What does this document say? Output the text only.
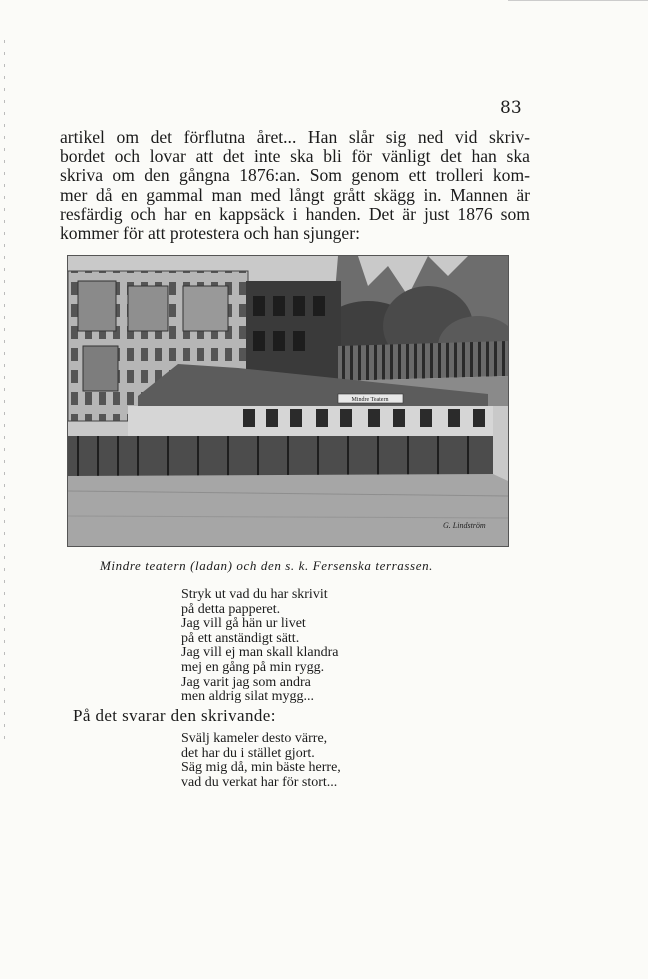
83
artikel om det förflutna året... Han slår sig ned vid skriv-
bordet och lovar att det inte ska bli för vänligt det han ska
skriva om den gångna 1876:an. Som genom ett trolleri kom-
mer då en gammal man med långt grått skägg in. Mannen är
resfärdig och har en kappsäck i handen. Det är just 1876 som
kommer för att protestera och han sjunger:
Mindre Teatern
G. Lindström
Mindre teatern (ladan) och den s. k. Fersenska terrassen.
Stryk ut vad du har skrivit
på detta papperet.
Jag vill gå hän ur livet
på ett anständigt sätt.
Jag vill ej man skall klandra
mej en gång på min rygg.
Jag varit jag som andra
men aldrig silat mygg...
På det svarar den skrivande:
Svälj kameler desto värre,
det har du i stället gjort.
Säg mig då, min bäste herre,
vad du verkat har för stort...
